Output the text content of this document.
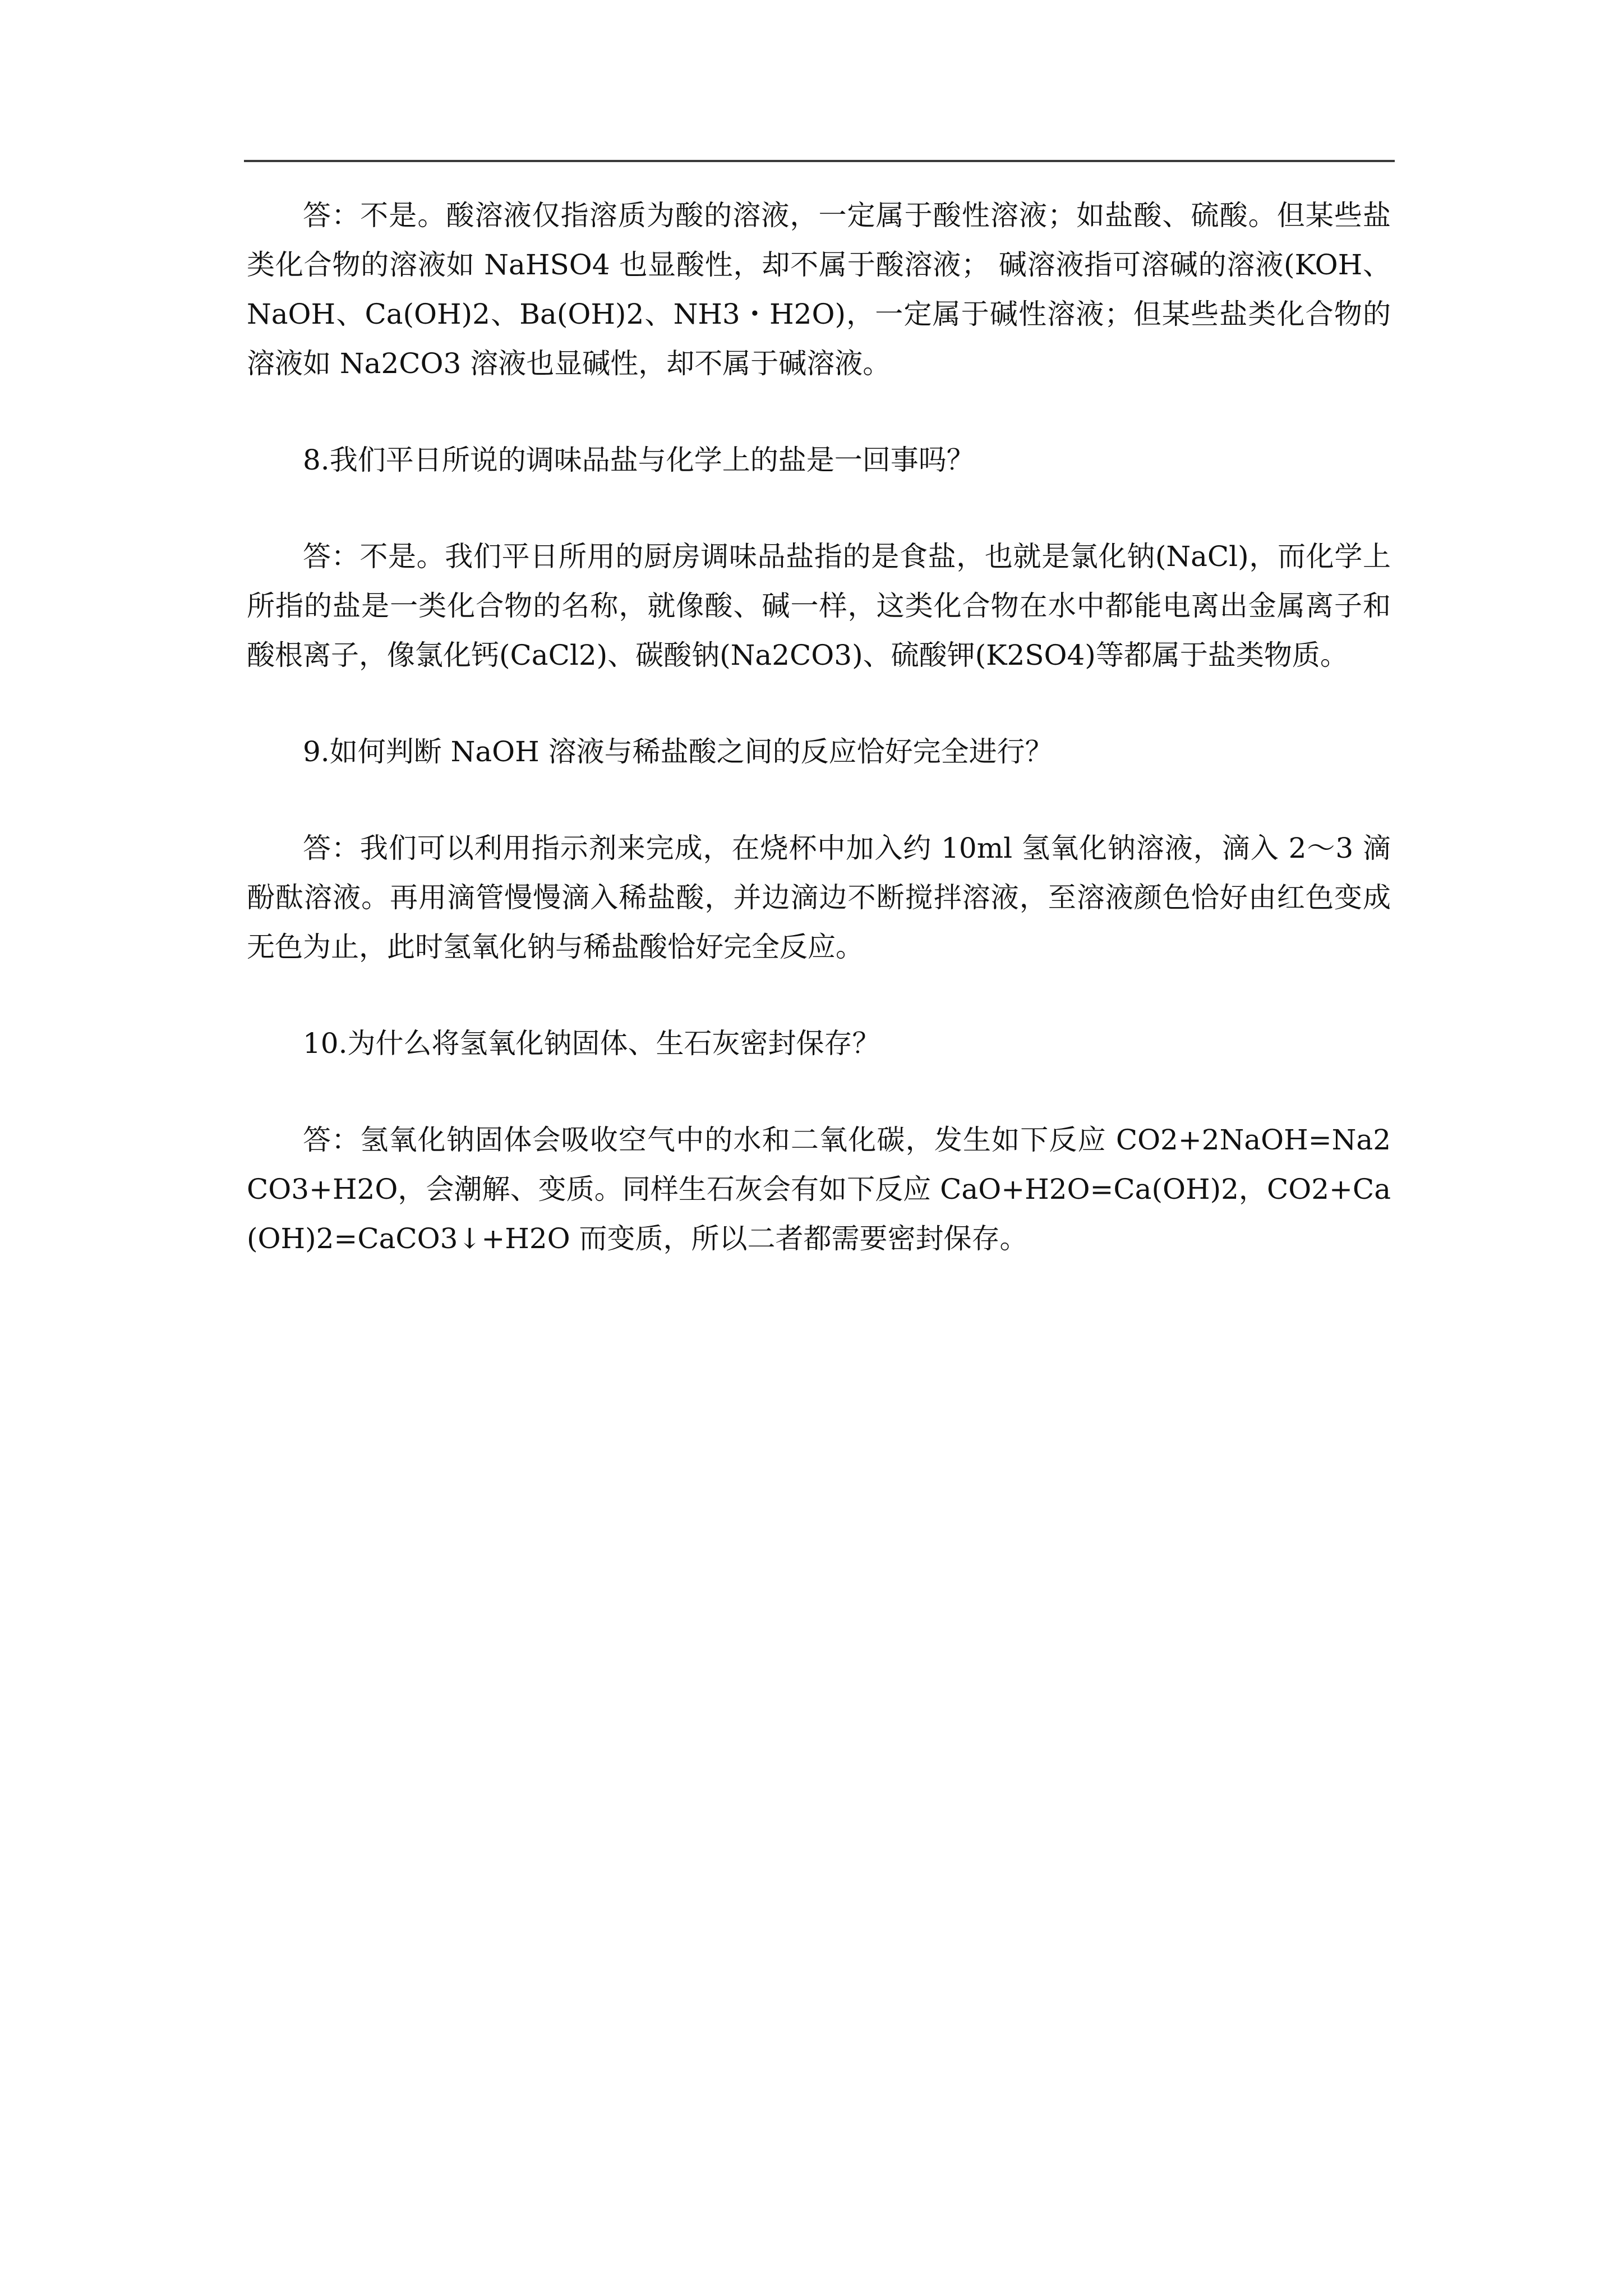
答：不是。酸溶液仅指溶质为酸的溶液，一定属于酸性溶液；如盐酸、硫酸。但某些盐类化合物的溶液如 NaHSO4 也显酸性，却不属于酸溶液； 碱溶液指可溶碱的溶液(KOH、NaOH、Ca(OH)2、Ba(OH)2、NH3・H2O)，一定属于碱性溶液；但某些盐类化合物的溶液如 Na2CO3 溶液也显碱性，却不属于碱溶液。

8.我们平日所说的调味品盐与化学上的盐是一回事吗？

答：不是。我们平日所用的厨房调味品盐指的是食盐，也就是氯化钠(NaCl)，而化学上所指的盐是一类化合物的名称，就像酸、碱一样，这类化合物在水中都能电离出金属离子和酸根离子，像氯化钙(CaCl2)、碳酸钠(Na2CO3)、硫酸钾(K2SO4)等都属于盐类物质。

9.如何判断 NaOH 溶液与稀盐酸之间的反应恰好完全进行？

答：我们可以利用指示剂来完成，在烧杯中加入约 10ml 氢氧化钠溶液，滴入 2～3 滴酚酞溶液。再用滴管慢慢滴入稀盐酸，并边滴边不断搅拌溶液，至溶液颜色恰好由红色变成无色为止，此时氢氧化钠与稀盐酸恰好完全反应。

10.为什么将氢氧化钠固体、生石灰密封保存？

答：氢氧化钠固体会吸收空气中的水和二氧化碳，发生如下反应 CO2+2NaOH=Na2CO3+H2O，会潮解、变质。同样生石灰会有如下反应 CaO+H2O=Ca(OH)2，CO2+Ca(OH)2=CaCO3↓+H2O 而变质，所以二者都需要密封保存。
